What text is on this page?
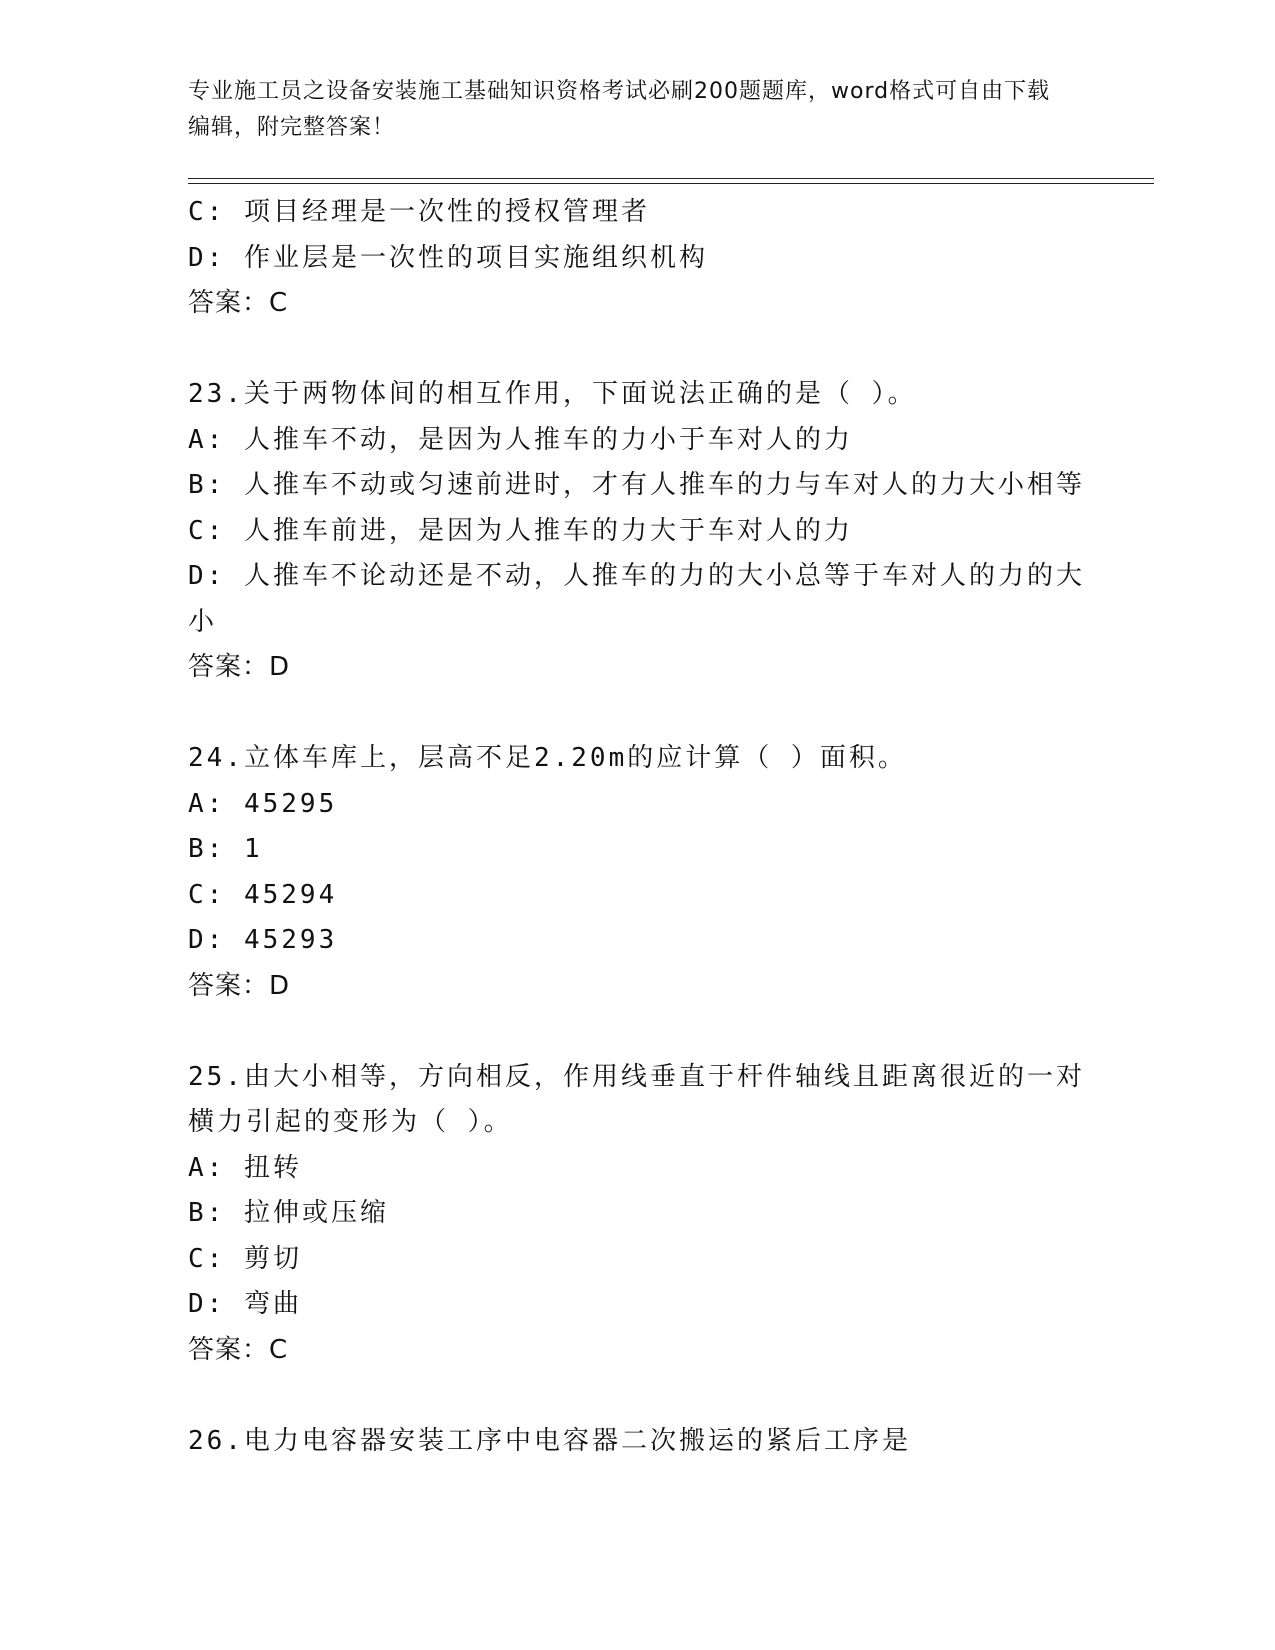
专业施工员之设备安装施工基础知识资格考试必刷200题题库，word格式可自由下载编辑，附完整答案！
C: 项目经理是一次性的授权管理者
D: 作业层是一次性的项目实施组织机构
答案：C
23.关于两物体间的相互作用，下面说法正确的是（ ）。
A: 人推车不动，是因为人推车的力小于车对人的力
B: 人推车不动或匀速前进时，才有人推车的力与车对人的力大小相等
C: 人推车前进，是因为人推车的力大于车对人的力
D: 人推车不论动还是不动，人推车的力的大小总等于车对人的力的大小
答案：D
24.立体车库上，层高不足2.20m的应计算（ ）面积。
A: 45295
B: 1
C: 45294
D: 45293
答案：D
25.由大小相等，方向相反，作用线垂直于杆件轴线且距离很近的一对横力引起的变形为（ ）。
A: 扭转
B: 拉伸或压缩
C: 剪切
D: 弯曲
答案：C
26.电力电容器安装工序中电容器二次搬运的紧后工序是
